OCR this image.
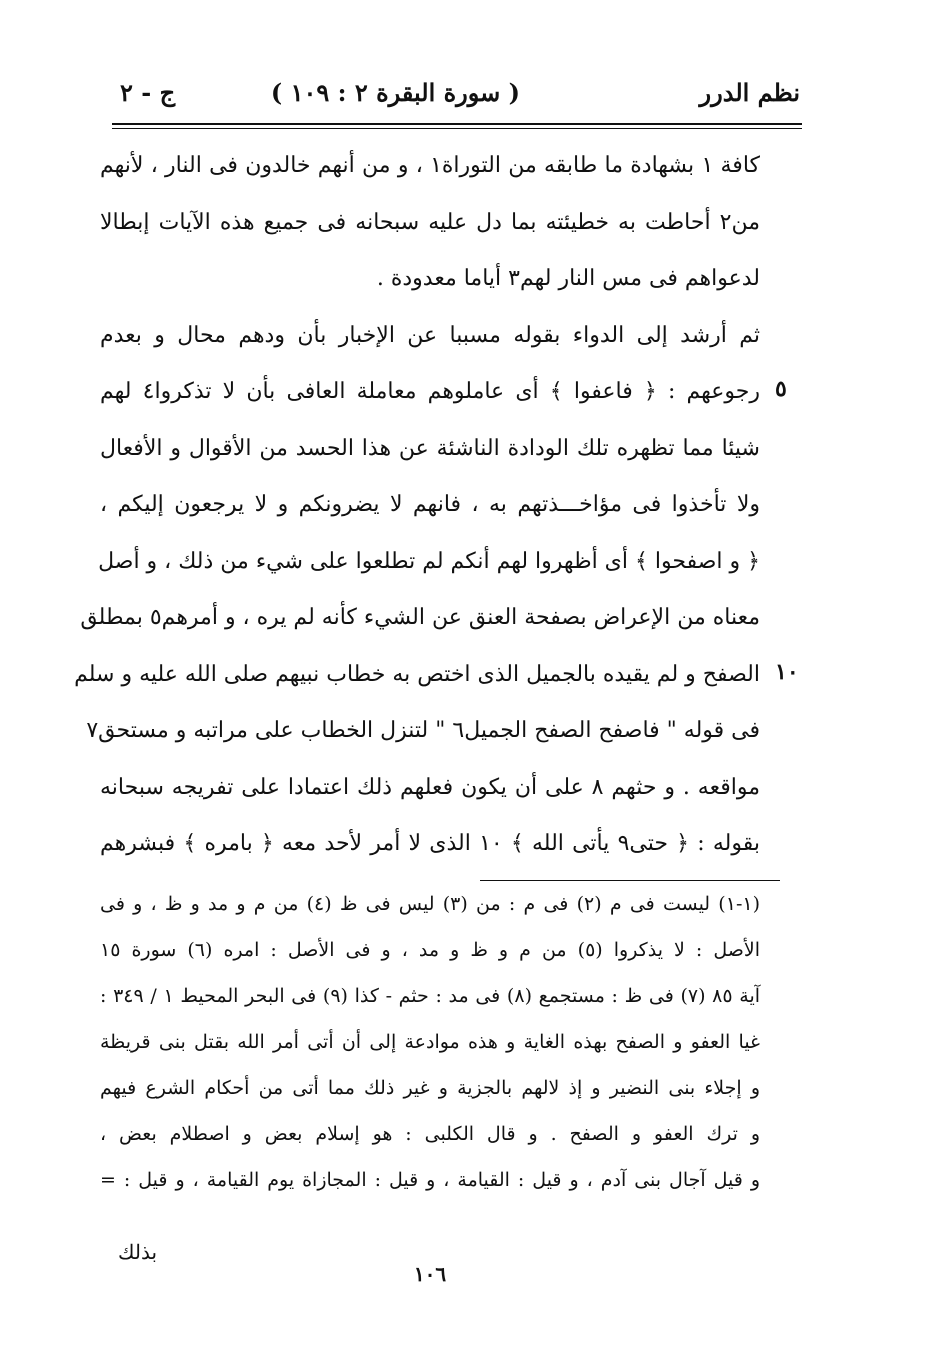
نظم الدرر
( سورة البقرة ٢ : ١٠٩ )
ج - ٢
كافة ١ بشهادة ما طابقه من التوراة١ ، و من أنهم خالدون فى النار ، لأنهم
من٢ أحاطت به خطيئته بما دل عليه سبحانه فى جميع هذه الآيات إبطالا
لدعواهم فى مس النار لهم٣ أياما معدودة .
ثم أرشد إلى الدواء بقوله مسببا عن الإخبار بأن ودهم محال و بعدم
رجوعهم : ﴿ فاعفوا ﴾ أى عاملوهم معاملة العافى بأن لا تذكروا٤ لهم
شيئا مما تظهره تلك الودادة الناشئة عن هذا الحسد من الأقوال و الأفعال
ولا تأخذوا فى مؤاخـــذتهم به ، فانهم لا يضرونكم و لا يرجعون إليكم ،
﴿ و اصفحوا ﴾ أى أظهروا لهم أنكم لم تطلعوا على شيء من ذلك ، و أصل
معناه من الإعراض بصفحة العنق عن الشيء كأنه لم يره ، و أمرهم٥ بمطلق
الصفح و لم يقيده بالجميل الذى اختص به خطاب نبيهم صلى الله عليه و سلم
فى قوله " فاصفح الصفح الجميل٦ " لتنزل الخطاب على مراتبه و مستحق٧
مواقعه . و حثهم ٨ على أن يكون فعلهم ذلك اعتمادا على تفريجه سبحانه
بقوله : ﴿ حتى٩ يأتى الله ﴾ ١٠ الذى لا أمر لأحد معه ﴿ بامره ﴾ فبشرهم
٥
١٠
(١-١) ليست فى م (٢) فى م : من (٣) ليس فى ظ (٤) من م و مد و ظ ، و فى
الأصل : لا يذكروا (٥) من م و ظ و مد ، و فى الأصل : امره (٦) سورة ١٥
آية ٨٥ (٧) فى ظ : مستجمع (٨) فى مد : حثم - كذا (٩) فى البحر المحيط ١ / ٣٤٩ :
غيا العفو و الصفح بهذه الغاية و هذه موادعة إلى أن أتى أمر الله بقتل بنى قريظة
و إجلاء بنى النضير و إذ لالهم بالجزية و غير ذلك مما أتى من أحكام الشرع فيهم
و ترك العفو و الصفح . و قال الكلبى : هو إسلام بعض و اصطلام بعض ،
و قيل آجال بنى آدم ، و قيل : القيامة ، و قيل : المجازاة يوم القيامة ، و قيل : =
بذلك
١٠٦
